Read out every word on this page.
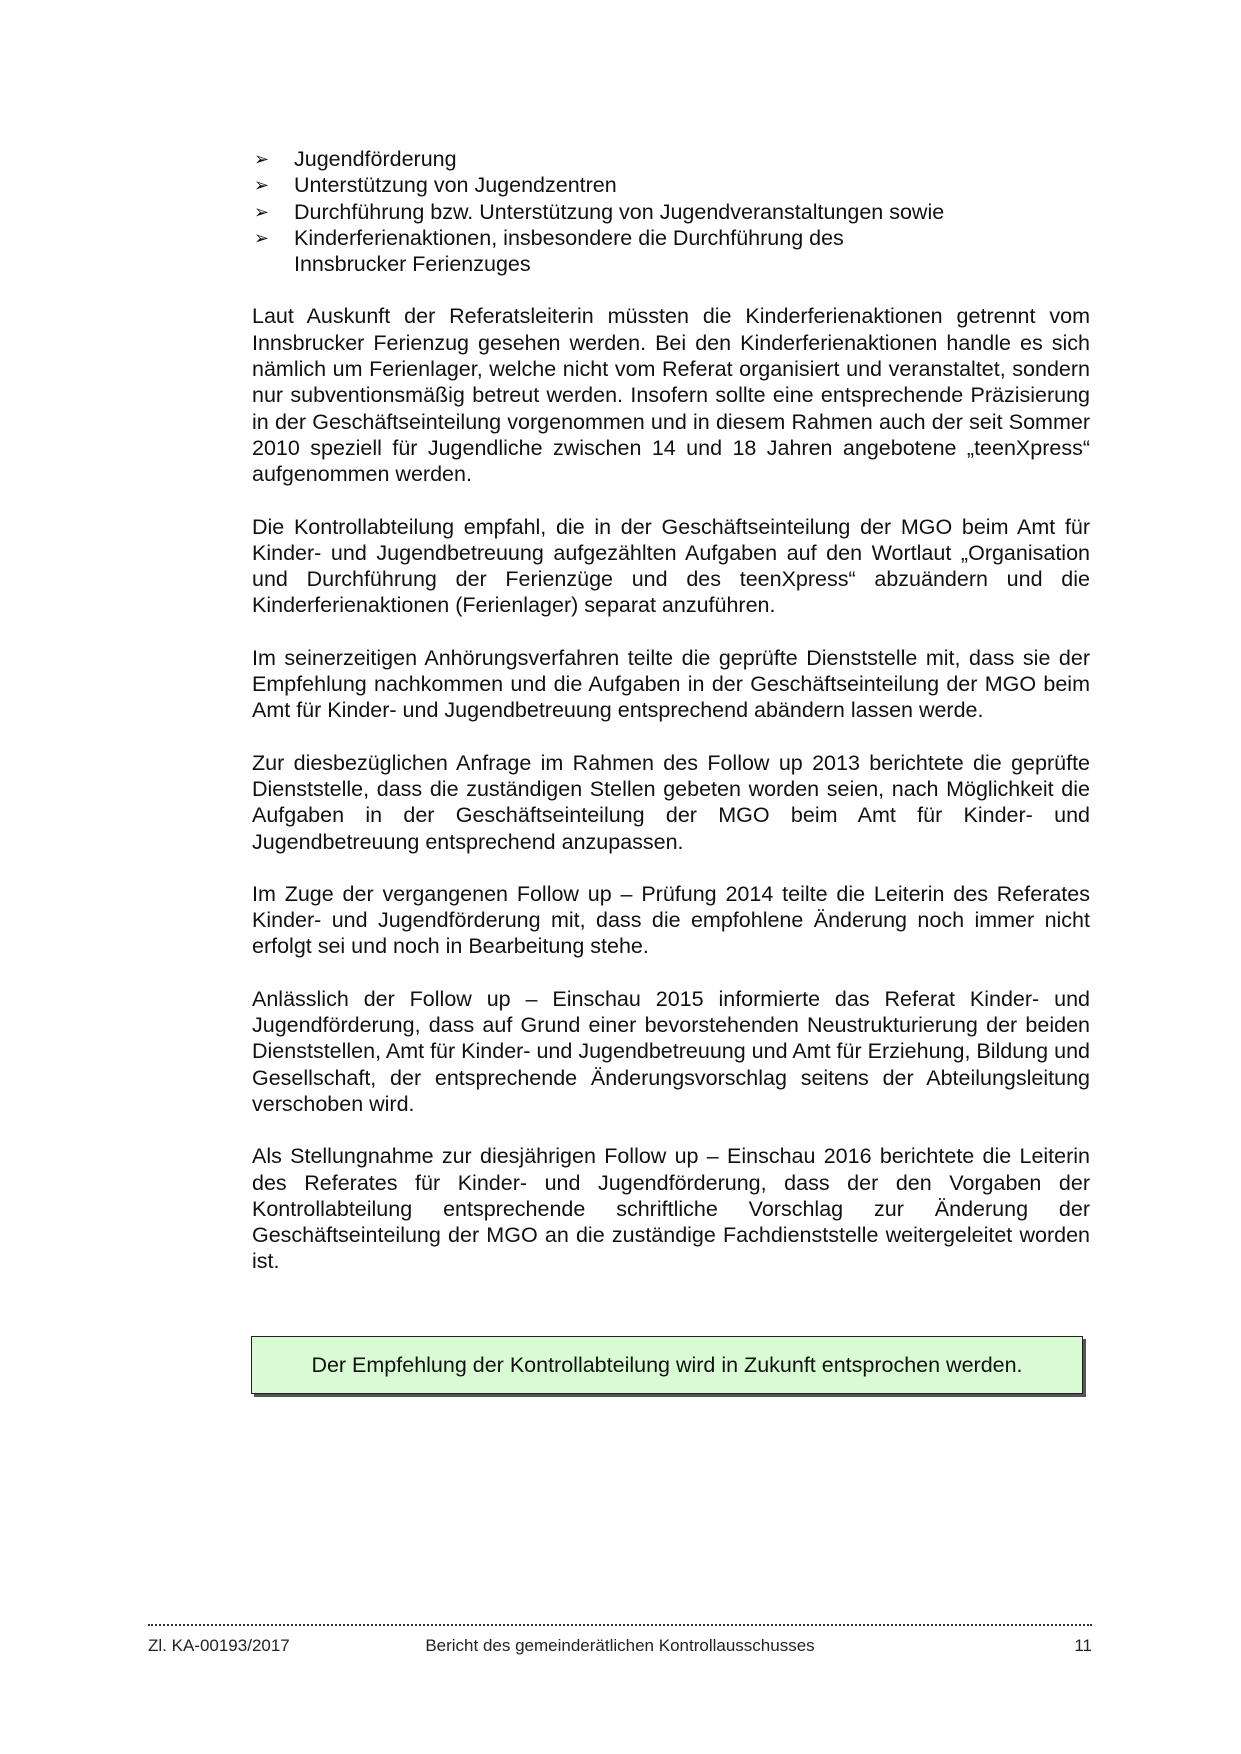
➢ Jugendförderung
➢ Unterstützung von Jugendzentren
➢ Durchführung bzw. Unterstützung von Jugendveranstaltungen sowie
➢ Kinderferienaktionen, insbesondere die Durchführung des Innsbrucker Ferienzuges

Laut Auskunft der Referatsleiterin müssten die Kinderferienaktionen getrennt vom Innsbrucker Ferienzug gesehen werden. Bei den Kinderferienaktionen handle es sich nämlich um Ferienlager, welche nicht vom Referat organisiert und veranstaltet, sondern nur subventionsmäßig betreut werden. Insofern sollte eine entsprechende Präzisierung in der Geschäftseinteilung vorgenommen und in diesem Rahmen auch der seit Sommer 2010 speziell für Jugendliche zwischen 14 und 18 Jahren angebotene „teenXpress“ aufgenommen werden.

Die Kontrollabteilung empfahl, die in der Geschäftseinteilung der MGO beim Amt für Kinder- und Jugendbetreuung aufgezählten Aufgaben auf den Wortlaut „Organisation und Durchführung der Ferienzüge und des teenXpress“ abzuändern und die Kinderferienaktionen (Ferienlager) separat anzuführen.

Im seinerzeitigen Anhörungsverfahren teilte die geprüfte Dienststelle mit, dass sie der Empfehlung nachkommen und die Aufgaben in der Geschäftseinteilung der MGO beim Amt für Kinder- und Jugendbetreuung entsprechend abändern lassen werde.

Zur diesbezüglichen Anfrage im Rahmen des Follow up 2013 berichtete die geprüfte Dienststelle, dass die zuständigen Stellen gebeten worden seien, nach Möglichkeit die Aufgaben in der Geschäftseinteilung der MGO beim Amt für Kinder- und Jugendbetreuung entsprechend anzupassen.

Im Zuge der vergangenen Follow up – Prüfung 2014 teilte die Leiterin des Referates Kinder- und Jugendförderung mit, dass die empfohlene Änderung noch immer nicht erfolgt sei und noch in Bearbeitung stehe.

Anlässlich der Follow up – Einschau 2015 informierte das Referat Kinder- und Jugendförderung, dass auf Grund einer bevorstehenden Neustrukturierung der beiden Dienststellen, Amt für Kinder- und Jugendbetreuung und Amt für Erziehung, Bildung und Gesellschaft, der entsprechende Änderungsvorschlag seitens der Abteilungsleitung verschoben wird.

Als Stellungnahme zur diesjährigen Follow up – Einschau 2016 berichtete die Leiterin des Referates für Kinder- und Jugendförderung, dass der den Vorgaben der Kontrollabteilung entsprechende schriftliche Vorschlag zur Änderung der Geschäftseinteilung der MGO an die zuständige Fachdienststelle weitergeleitet worden ist.

Der Empfehlung der Kontrollabteilung wird in Zukunft entsprochen werden.
Zl. KA-00193/2017	Bericht des gemeinderätlichen Kontrollausschusses	11
